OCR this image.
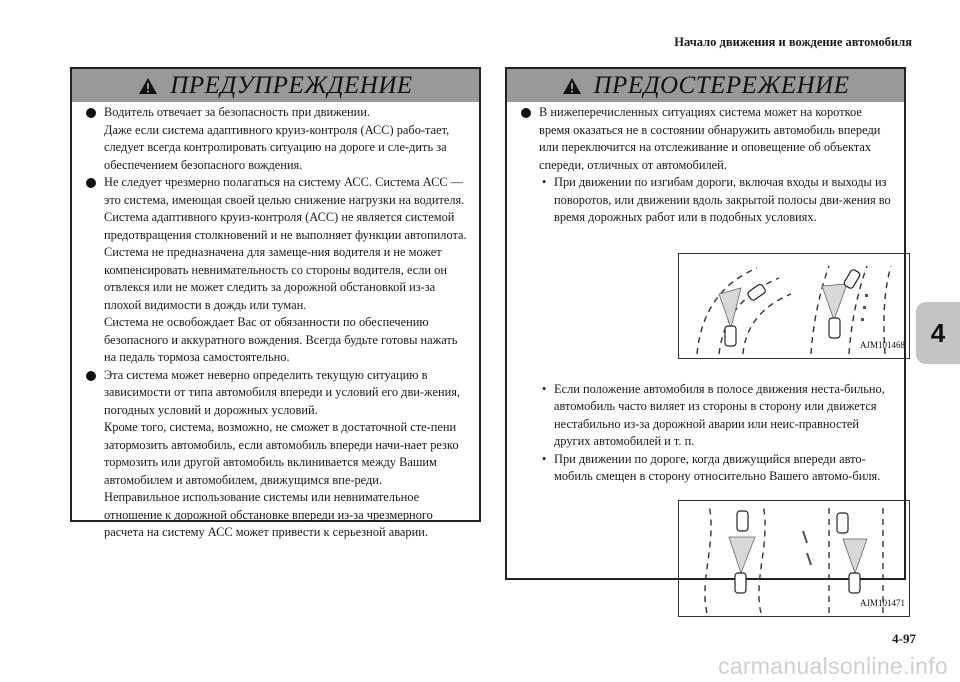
Начало движения и вождение автомобиля
ПРЕДУПРЕЖДЕНИЕ

Водитель отвечает за безопасность при движении.

Даже если система адаптивного круиз-контроля (АСС) рабо-тает, следует всегда контролировать ситуацию на дороге и сле-дить за обеспечением безопасного вождения.

Не следует чрезмерно полагаться на систему АСС. Система АСС — это система, имеющая своей целью снижение нагрузки на водителя.

Система адаптивного круиз-контроля (АСС) не является системой предотвращения столкновений и не выполняет функции автопилота. Система не предназначена для замеще-ния водителя и не может компенсировать невнимательность со стороны водителя, если он отвлекся или не может следить за дорожной обстановкой из-за плохой видимости в дождь или туман.

Система не освобождает Вас от обязанности по обеспечению безопасного и аккуратного вождения. Всегда будьте готовы нажать на педаль тормоза самостоятельно.

Эта система может неверно определить текущую ситуацию в зависимости от типа автомобиля впереди и условий его дви-жения, погодных условий и дорожных условий.

Кроме того, система, возможно, не сможет в достаточной сте-пени затормозить автомобиль, если автомобиль впереди начи-нает резко тормозить или другой автомобиль вклинивается между Вашим автомобилем и автомобилем, движущимся впе-реди.

Неправильное использование системы или невнимательное отношение к дорожной обстановке впереди из-за чрезмерного расчета на систему АСС может привести к серьезной аварии.

ПРЕДОСТЕРЕЖЕНИЕ

В нижеперечисленных ситуациях система может на короткое время оказаться не в состоянии обнаружить автомобиль впереди или переключится на отслеживание и оповещение об объектах спереди, отличных от автомобилей.

• При движении по изгибам дороги, включая входы и выходы из поворотов, или движении вдоль закрытой полосы дви-жения во время дорожных работ или в подобных условиях.

AJM101468
• Если положение автомобиля в полосе движения неста-бильно, автомобиль часто виляет из стороны в сторону или движется нестабильно из-за дорожной аварии или неис-правностей других автомобилей и т. п.

• При движении по дороге, когда движущийся впереди авто-мобиль смещен в сторону относительно Вашего автомо-биля.

AJM101471
4
4-97
carmanualsonline.info
